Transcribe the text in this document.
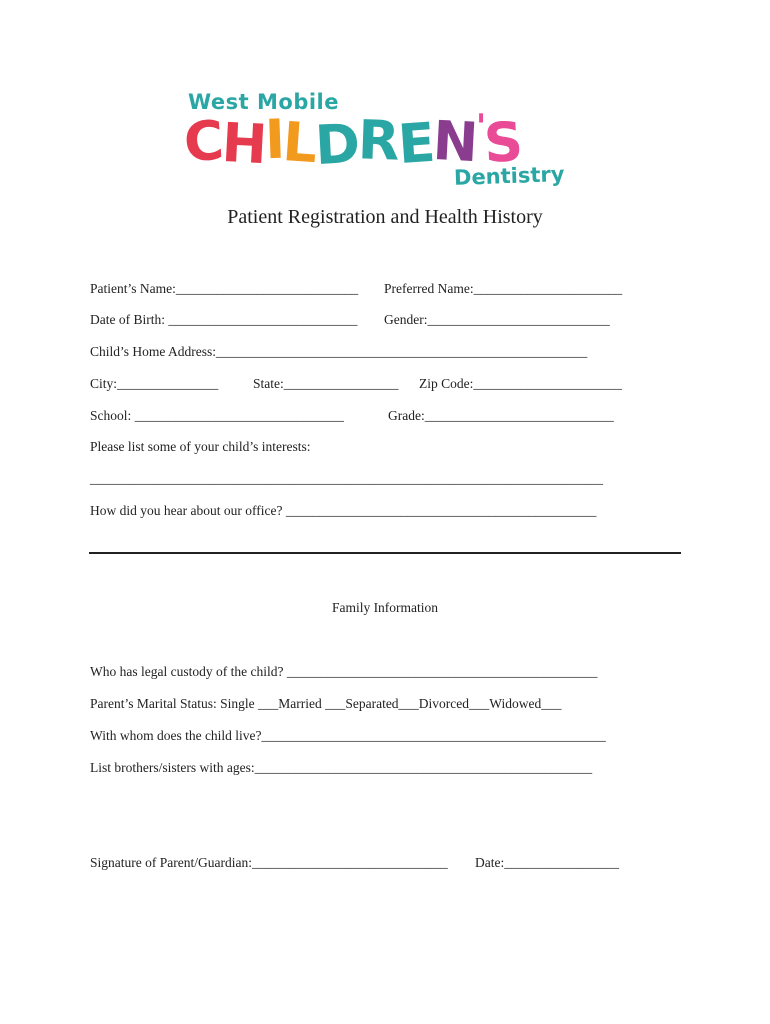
West Mobile
CHILDREN'S
Dentistry
Patient Registration and Health History
Patient’s Name:___________________________ Preferred Name:______________________
Date of Birth: ____________________________ Gender:___________________________
Child’s Home Address:_______________________________________________________
City:_______________	State:_________________ Zip Code:______________________
School: _______________________________	Grade:____________________________
Please list some of your child’s interests:
____________________________________________________________________________
How did you hear about our office? ______________________________________________
Family Information
Who has legal custody of the child? ______________________________________________
Parent’s Marital Status: Single ___Married ___Separated___Divorced___Widowed___
With whom does the child live?___________________________________________________
List brothers/sisters with ages:__________________________________________________
Signature of Parent/Guardian:_____________________________ Date:_________________
